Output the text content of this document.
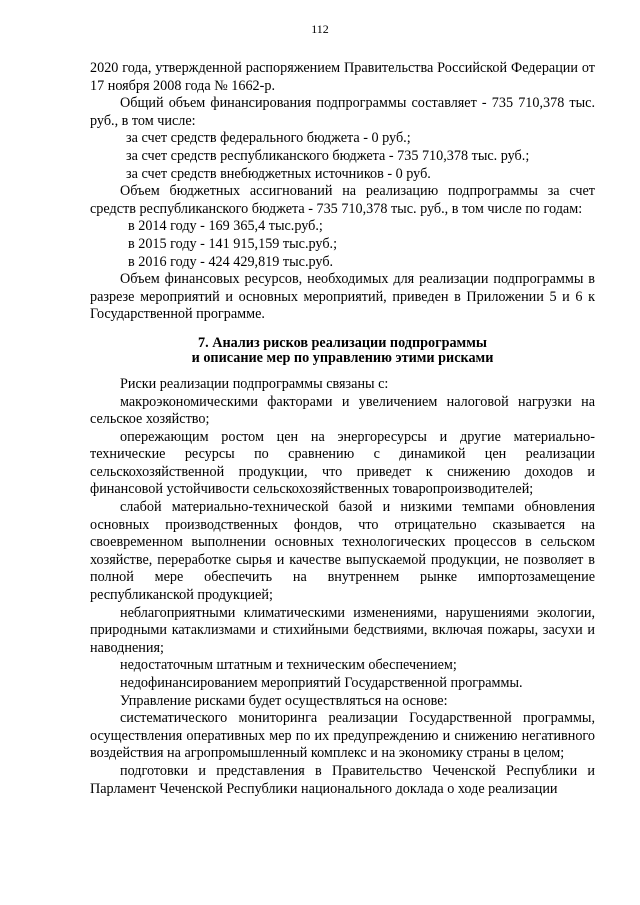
112

2020 года, утвержденной распоряжением Правительства Российской Федерации от 17 ноября 2008 года № 1662-р.

Общий объем финансирования подпрограммы составляет - 735 710,378 тыс. руб., в том числе:

за счет средств федерального бюджета - 0 руб.;

за счет средств республиканского бюджета - 735 710,378 тыс. руб.;

за счет средств внебюджетных источников - 0 руб.

Объем бюджетных ассигнований на реализацию подпрограммы за счет средств республиканского бюджета - 735 710,378 тыс. руб., в том числе по годам:

в 2014 году - 169 365,4 тыс.руб.;

в 2015 году - 141 915,159 тыс.руб.;

в 2016 году - 424 429,819 тыс.руб.

Объем финансовых ресурсов, необходимых для реализации подпрограммы в разрезе мероприятий и основных мероприятий, приведен в Приложении 5 и 6 к Государственной программе.

7. Анализ рисков реализации подпрограммы
и описание мер по управлению этими рисками

Риски реализации подпрограммы связаны с:

макроэкономическими факторами и увеличением налоговой нагрузки на сельское хозяйство;

опережающим ростом цен на энергоресурсы и другие материально-технические ресурсы по сравнению с динамикой цен реализации сельскохозяйственной продукции, что приведет к снижению доходов и финансовой устойчивости сельскохозяйственных товаропроизводителей;

слабой материально-технической базой и низкими темпами обновления основных производственных фондов, что отрицательно сказывается на своевременном выполнении основных технологических процессов в сельском хозяйстве, переработке сырья и качестве выпускаемой продукции, не позволяет в полной мере обеспечить на внутреннем рынке импортозамещение республиканской продукцией;

неблагоприятными климатическими изменениями, нарушениями экологии, природными катаклизмами и стихийными бедствиями, включая пожары, засухи и наводнения;

недостаточным штатным и техническим обеспечением;

недофинансированием мероприятий Государственной программы.

Управление рисками будет осуществляться на основе:

систематического мониторинга реализации Государственной программы, осуществления оперативных мер по их предупреждению и снижению негативного воздействия на агропромышленный комплекс и на экономику страны в целом;

подготовки и представления в Правительство Чеченской Республики и Парламент Чеченской Республики национального доклада о ходе реализации
